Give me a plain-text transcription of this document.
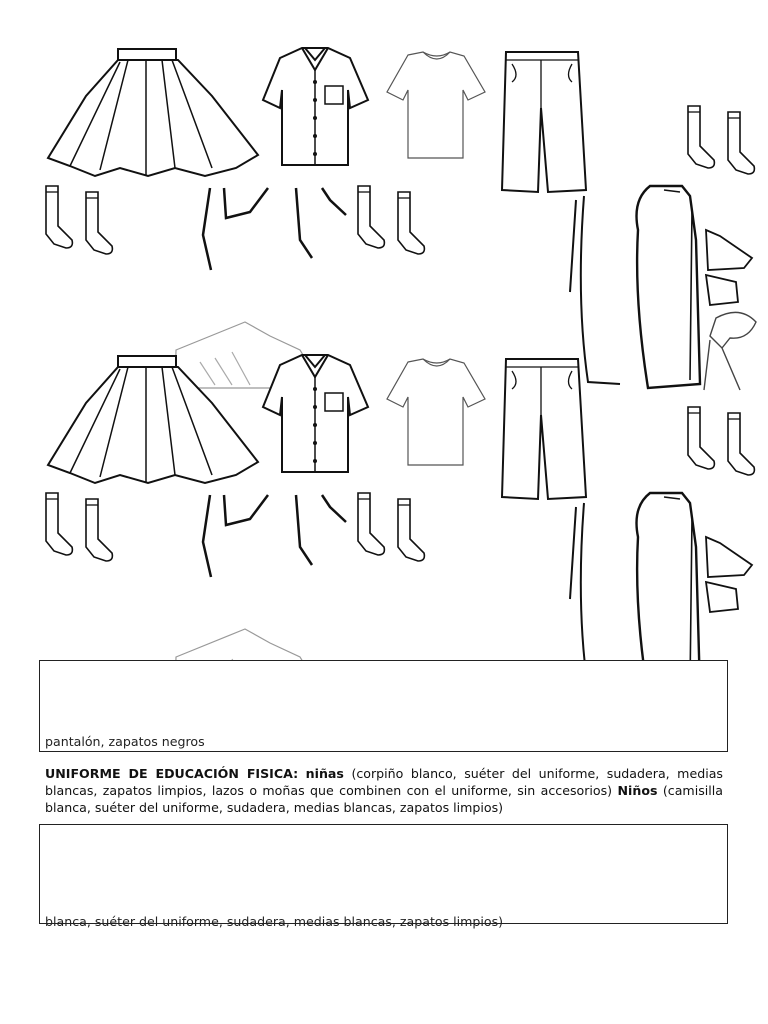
pantalón, zapatos negros
UNIFORME DE EDUCACIÓN FISICA: niñas (corpiño blanco, suéter del uniforme, sudadera, medias blancas, zapatos limpios, lazos o moñas que combinen con el uniforme, sin accesorios) Niños (camisilla blanca, suéter del uniforme, sudadera, medias blancas, zapatos limpios)
blanca, suéter del uniforme, sudadera, medias blancas, zapatos limpios)
